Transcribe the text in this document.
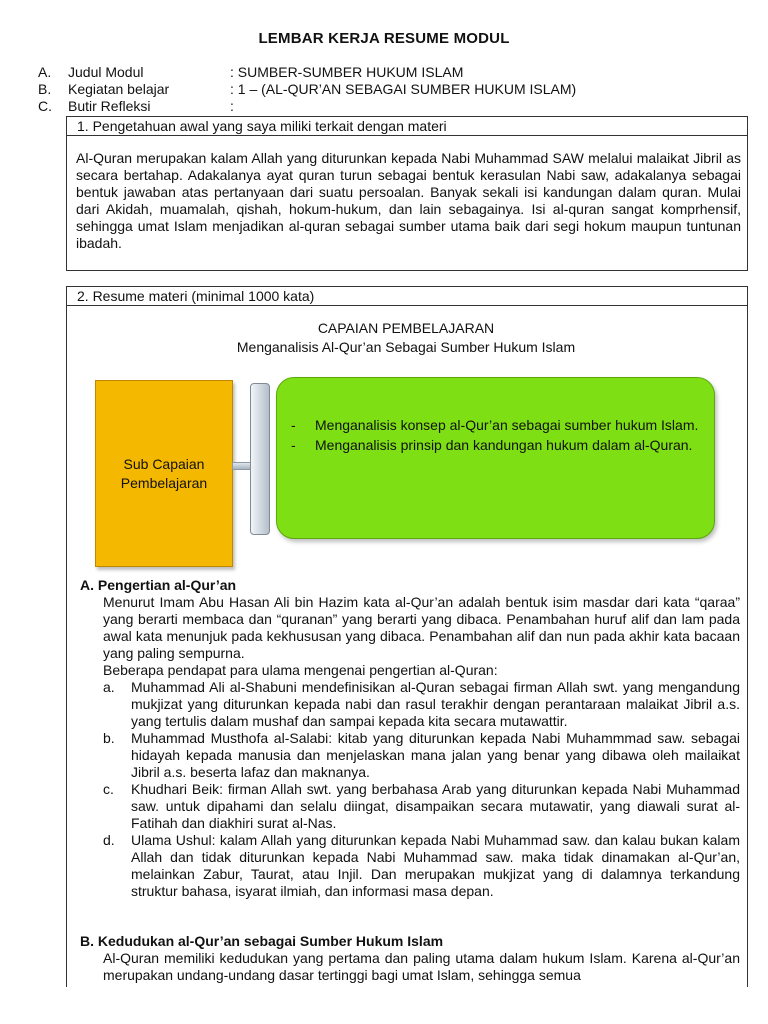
LEMBAR KERJA RESUME MODUL
A.	Judul Modul	: SUMBER-SUMBER HUKUM ISLAM
B.	Kegiatan belajar	: 1 – (AL-QUR’AN SEBAGAI SUMBER HUKUM ISLAM)
C.	Butir Refleksi	:
1. Pengetahuan awal yang saya miliki terkait dengan materi
Al-Quran merupakan kalam Allah yang diturunkan kepada Nabi Muhammad SAW melalui malaikat Jibril as secara bertahap. Adakalanya ayat quran turun sebagai bentuk kerasulan Nabi saw, adakalanya sebagai bentuk jawaban atas pertanyaan dari suatu persoalan. Banyak sekali isi kandungan dalam quran. Mulai dari Akidah, muamalah, qishah, hokum-hukum, dan lain sebagainya. Isi al-quran sangat komprhensif, sehingga umat Islam menjadikan al-quran sebagai sumber utama baik dari segi hokum maupun tuntunan ibadah.
2. Resume materi (minimal 1000 kata)
CAPAIAN PEMBELAJARAN
Menganalisis Al-Qur’an Sebagai Sumber Hukum Islam
Sub Capaian Pembelajaran
- Menganalisis konsep al-Qur’an sebagai sumber hukum Islam.
- Menganalisis prinsip dan kandungan hukum dalam al-Quran.
A. Pengertian al-Qur’an
Menurut Imam Abu Hasan Ali bin Hazim kata al-Qur’an adalah bentuk isim masdar dari kata “qaraa” yang berarti membaca dan “quranan” yang berarti yang dibaca. Penambahan huruf alif dan lam pada awal kata menunjuk pada kekhususan yang dibaca. Penambahan alif dan nun pada akhir kata bacaan yang paling sempurna.
Beberapa pendapat para ulama mengenai pengertian al-Quran:
a. Muhammad Ali al-Shabuni mendefinisikan al-Quran sebagai firman Allah swt. yang mengandung mukjizat yang diturunkan kepada nabi dan rasul terakhir dengan perantaraan malaikat Jibril a.s. yang tertulis dalam mushaf dan sampai kepada kita secara mutawattir.
b. Muhammad Musthofa al-Salabi: kitab yang diturunkan kepada Nabi Muhammmad saw. sebagai hidayah kepada manusia dan menjelaskan mana jalan yang benar yang dibawa oleh mailaikat Jibril a.s. beserta lafaz dan maknanya.
c. Khudhari Beik: firman Allah swt. yang berbahasa Arab yang diturunkan kepada Nabi Muhammad saw. untuk dipahami dan selalu diingat, disampaikan secara mutawatir, yang diawali surat al-Fatihah dan diakhiri surat al-Nas.
d. Ulama Ushul: kalam Allah yang diturunkan kepada Nabi Muhammad saw. dan kalau bukan kalam Allah dan tidak diturunkan kepada Nabi Muhammad saw. maka tidak dinamakan al-Qur’an, melainkan Zabur, Taurat, atau Injil. Dan merupakan mukjizat yang di dalamnya terkandung struktur bahasa, isyarat ilmiah, dan informasi masa depan.
B. Kedudukan al-Qur’an sebagai Sumber Hukum Islam
Al-Quran memiliki kedudukan yang pertama dan paling utama dalam hukum Islam. Karena al-Qur’an merupakan undang-undang dasar tertinggi bagi umat Islam, sehingga semua
